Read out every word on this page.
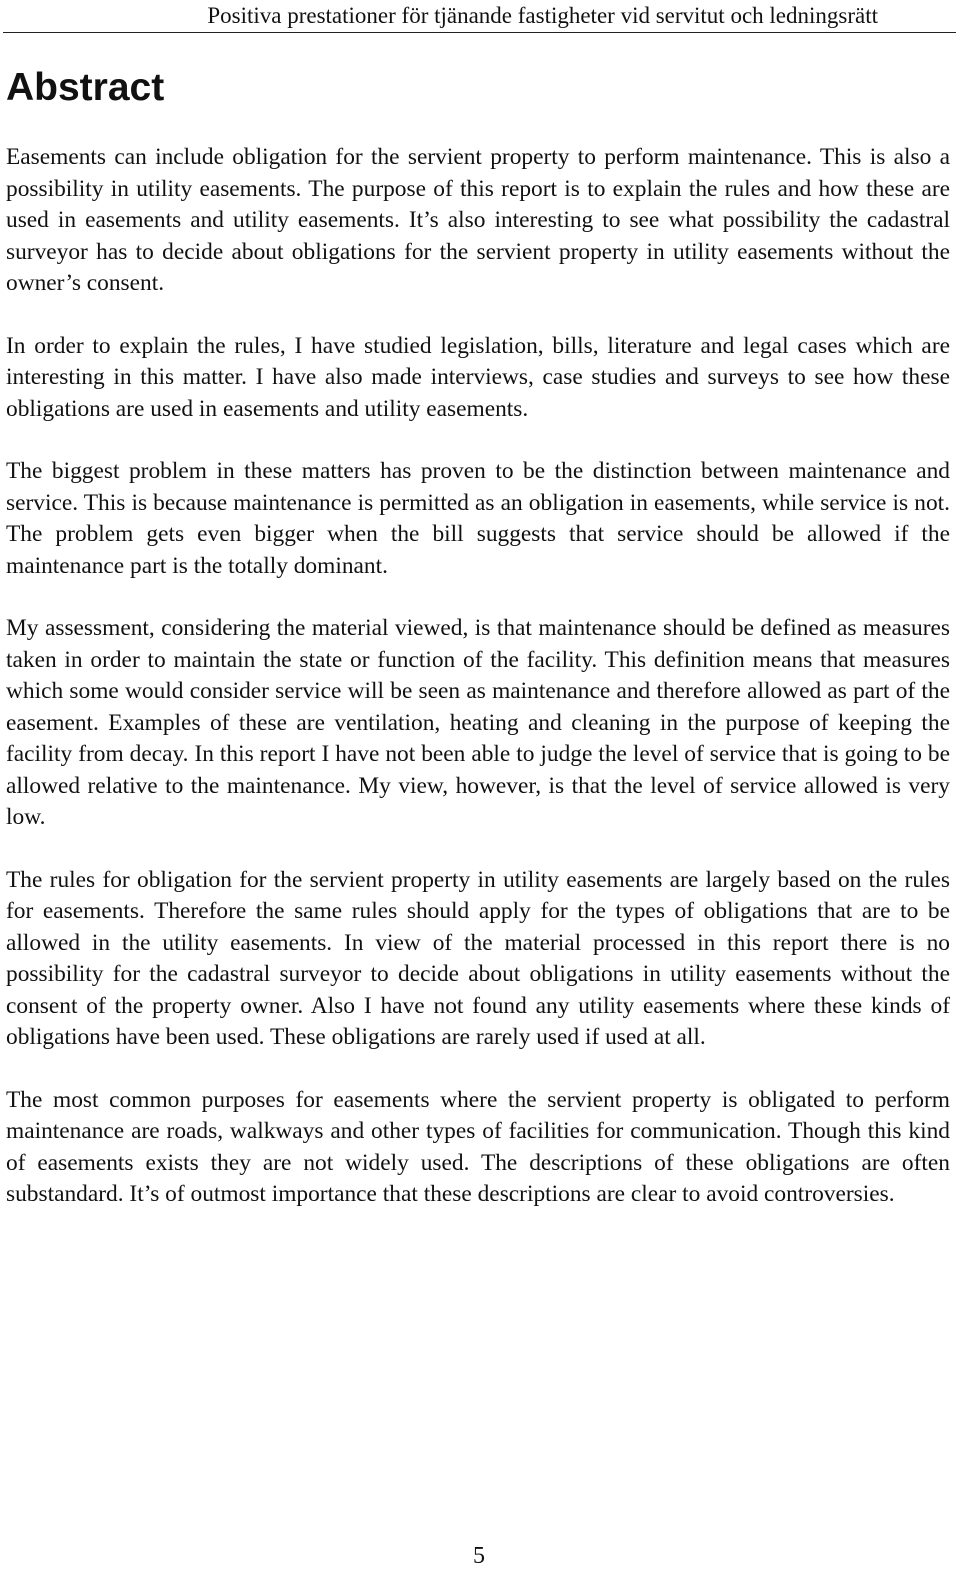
Positiva prestationer för tjänande fastigheter vid servitut och ledningsrätt
Abstract

Easements can include obligation for the servient property to perform maintenance. This is also a possibility in utility easements. The purpose of this report is to explain the rules and how these are used in easements and utility easements. It’s also interesting to see what possibility the cadastral surveyor has to decide about obligations for the servient property in utility easements without the owner’s consent.

In order to explain the rules, I have studied legislation, bills, literature and legal cases which are interesting in this matter. I have also made interviews, case studies and surveys to see how these obligations are used in easements and utility easements.

The biggest problem in these matters has proven to be the distinction between maintenance and service. This is because maintenance is permitted as an obligation in easements, while service is not. The problem gets even bigger when the bill suggests that service should be allowed if the maintenance part is the totally dominant.

My assessment, considering the material viewed, is that maintenance should be defined as measures taken in order to maintain the state or function of the facility. This definition means that measures which some would consider service will be seen as maintenance and therefore allowed as part of the easement. Examples of these are ventilation, heating and cleaning in the purpose of keeping the facility from decay. In this report I have not been able to judge the level of service that is going to be allowed relative to the maintenance. My view, however, is that the level of service allowed is very low.

The rules for obligation for the servient property in utility easements are largely based on the rules for easements. Therefore the same rules should apply for the types of obligations that are to be allowed in the utility easements. In view of the material processed in this report there is no possibility for the cadastral surveyor to decide about obligations in utility easements without the consent of the property owner. Also I have not found any utility easements where these kinds of obligations have been used. These obligations are rarely used if used at all.

The most common purposes for easements where the servient property is obligated to perform maintenance are roads, walkways and other types of facilities for communication. Though this kind of easements exists they are not widely used. The descriptions of these obligations are often substandard. It’s of outmost importance that these descriptions are clear to avoid controversies.

5
